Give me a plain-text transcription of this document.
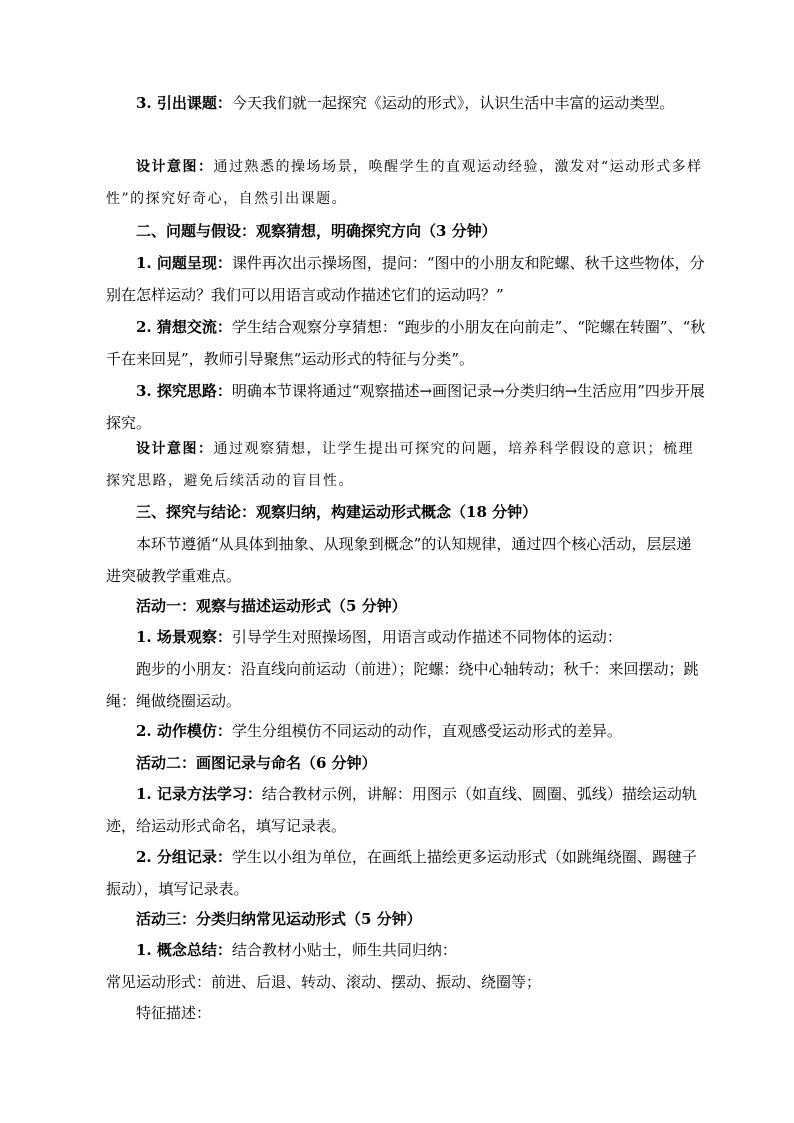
3. 引出课题：今天我们就一起探究《运动的形式》，认识生活中丰富的运动类型。
设计意图：通过熟悉的操场场景，唤醒学生的直观运动经验，激发对“运动形式多样性”的探究好奇心，自然引出课题。
二、问题与假设：观察猜想，明确探究方向（3 分钟）
1. 问题呈现：课件再次出示操场图，提问：“图中的小朋友和陀螺、秋千这些物体，分别在怎样运动？我们可以用语言或动作描述它们的运动吗？”
2. 猜想交流：学生结合观察分享猜想：“跑步的小朋友在向前走”、“陀螺在转圈”、“秋千在来回晃”，教师引导聚焦“运动形式的特征与分类”。
3. 探究思路：明确本节课将通过“观察描述→画图记录→分类归纳→生活应用”四步开展探究。
设计意图：通过观察猜想，让学生提出可探究的问题，培养科学假设的意识；梳理探究思路，避免后续活动的盲目性。
三、探究与结论：观察归纳，构建运动形式概念（18 分钟）
本环节遵循“从具体到抽象、从现象到概念”的认知规律，通过四个核心活动，层层递进突破教学重难点。
活动一：观察与描述运动形式（5 分钟）
1. 场景观察：引导学生对照操场图，用语言或动作描述不同物体的运动：
跑步的小朋友：沿直线向前运动（前进）；陀螺：绕中心轴转动；秋千：来回摆动；跳绳：绳做绕圈运动。
2. 动作模仿：学生分组模仿不同运动的动作，直观感受运动形式的差异。
活动二：画图记录与命名（6 分钟）
1. 记录方法学习：结合教材示例，讲解：用图示（如直线、圆圈、弧线）描绘运动轨迹，给运动形式命名，填写记录表。
2. 分组记录：学生以小组为单位，在画纸上描绘更多运动形式（如跳绳绕圈、踢毽子振动），填写记录表。
活动三：分类归纳常见运动形式（5 分钟）
1. 概念总结：结合教材小贴士，师生共同归纳：
常见运动形式：前进、后退、转动、滚动、摆动、振动、绕圈等；
特征描述：
